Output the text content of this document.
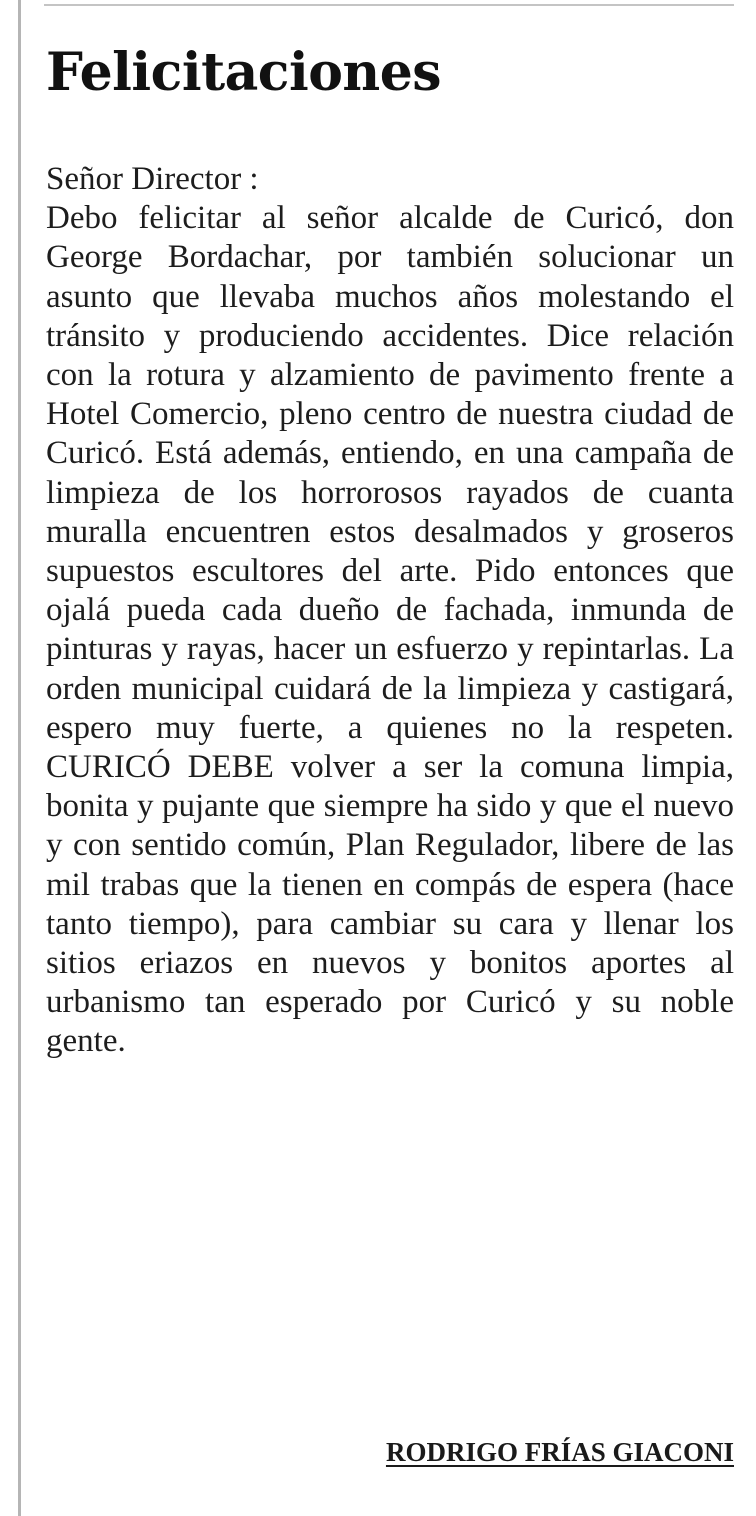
Felicitaciones
Señor Director :

Debo felicitar al señor alcalde de Curicó, don George Bordachar, por también solucionar un asunto que llevaba muchos años molestando el tránsito y produciendo accidentes. Dice relación con la rotura y alzamiento de pavimento frente a Hotel Comercio, pleno centro de nuestra ciudad de Curicó. Está además, entiendo, en una campaña de limpieza de los horrorosos rayados de cuanta muralla encuentren estos desalmados y groseros supuestos escultores del arte. Pido entonces que ojalá pueda cada dueño de fachada, inmunda de pinturas y rayas, hacer un esfuerzo y repintarlas. La orden municipal cuidará de la limpieza y castigará, espero muy fuerte, a quienes no la respeten. CURICÓ DEBE volver a ser la comuna limpia, bonita y pujante que siempre ha sido y que el nuevo y con sentido común, Plan Regulador, libere de las mil trabas que la tienen en compás de espera (hace tanto tiempo), para cambiar su cara y llenar los sitios eriazos en nuevos y bonitos aportes al urbanismo tan esperado por Curicó y su noble gente.

RODRIGO FRÍAS GIACONI
